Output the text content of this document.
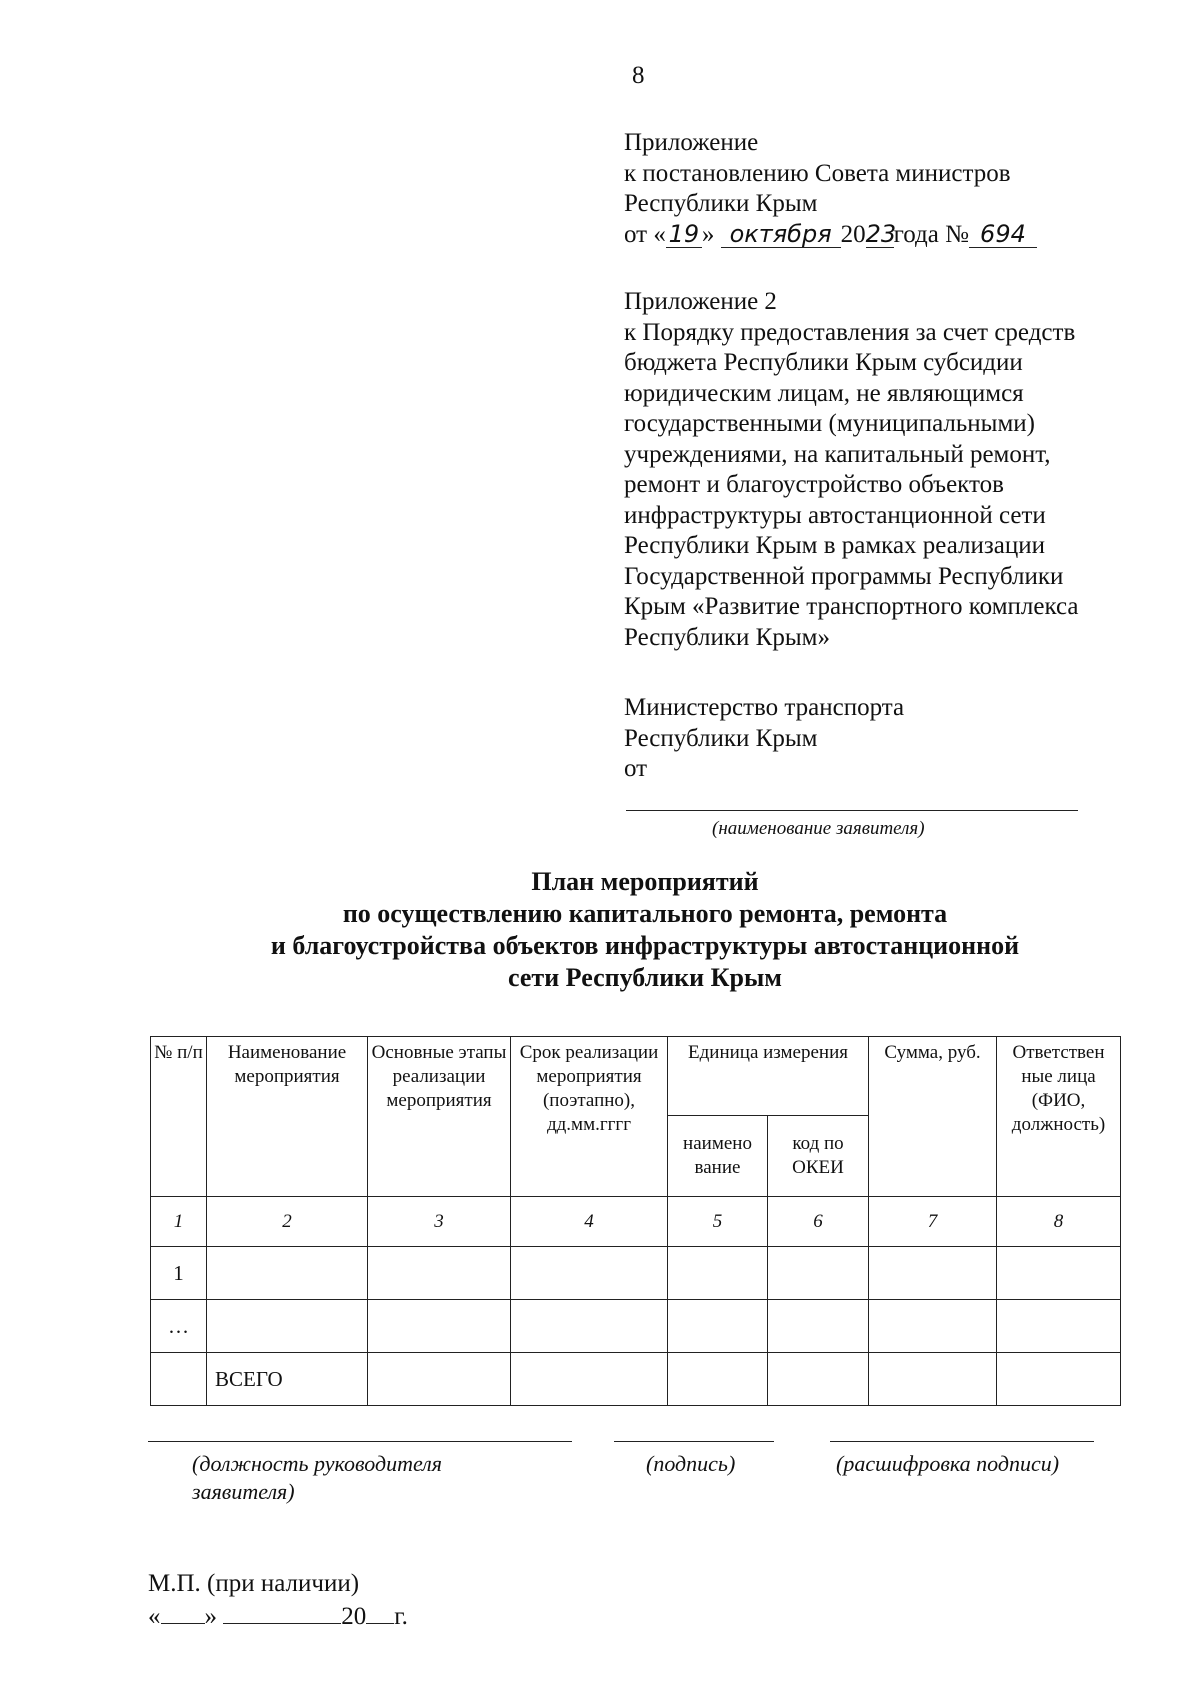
8
Приложение
к постановлению Совета министров
Республики Крым
от « 19 » октября 2023года № 694
Приложение 2
к Порядку предоставления за счет средств
бюджета Республики Крым субсидии
юридическим лицам, не являющимся
государственными (муниципальными)
учреждениями, на капитальный ремонт,
ремонт и благоустройство объектов
инфраструктуры автостанционной сети
Республики Крым в рамках реализации
Государственной программы Республики
Крым «Развитие транспортного комплекса
Республики Крым»
Министерство транспорта
Республики Крым
от
(наименование заявителя)
План мероприятий
по осуществлению капитального ремонта, ремонта
и благоустройства объектов инфраструктуры автостанционной
сети Республики Крым
№ п/п	Наименование мероприятия	Основные этапы реализации мероприятия	Срок реализации мероприятия (поэтапно), дд.мм.гггг	Единица измерения		Сумма, руб.	Ответствен ные лица (ФИО, должность)
				наимено вание	код по ОКЕИ		
1	2	3	4	5	6	7	8
1							
…							
	ВСЕГО						
(должность руководителя заявителя)
(подпись)	(расшифровка подписи)
М.П. (при наличии)
« »	20 г.
